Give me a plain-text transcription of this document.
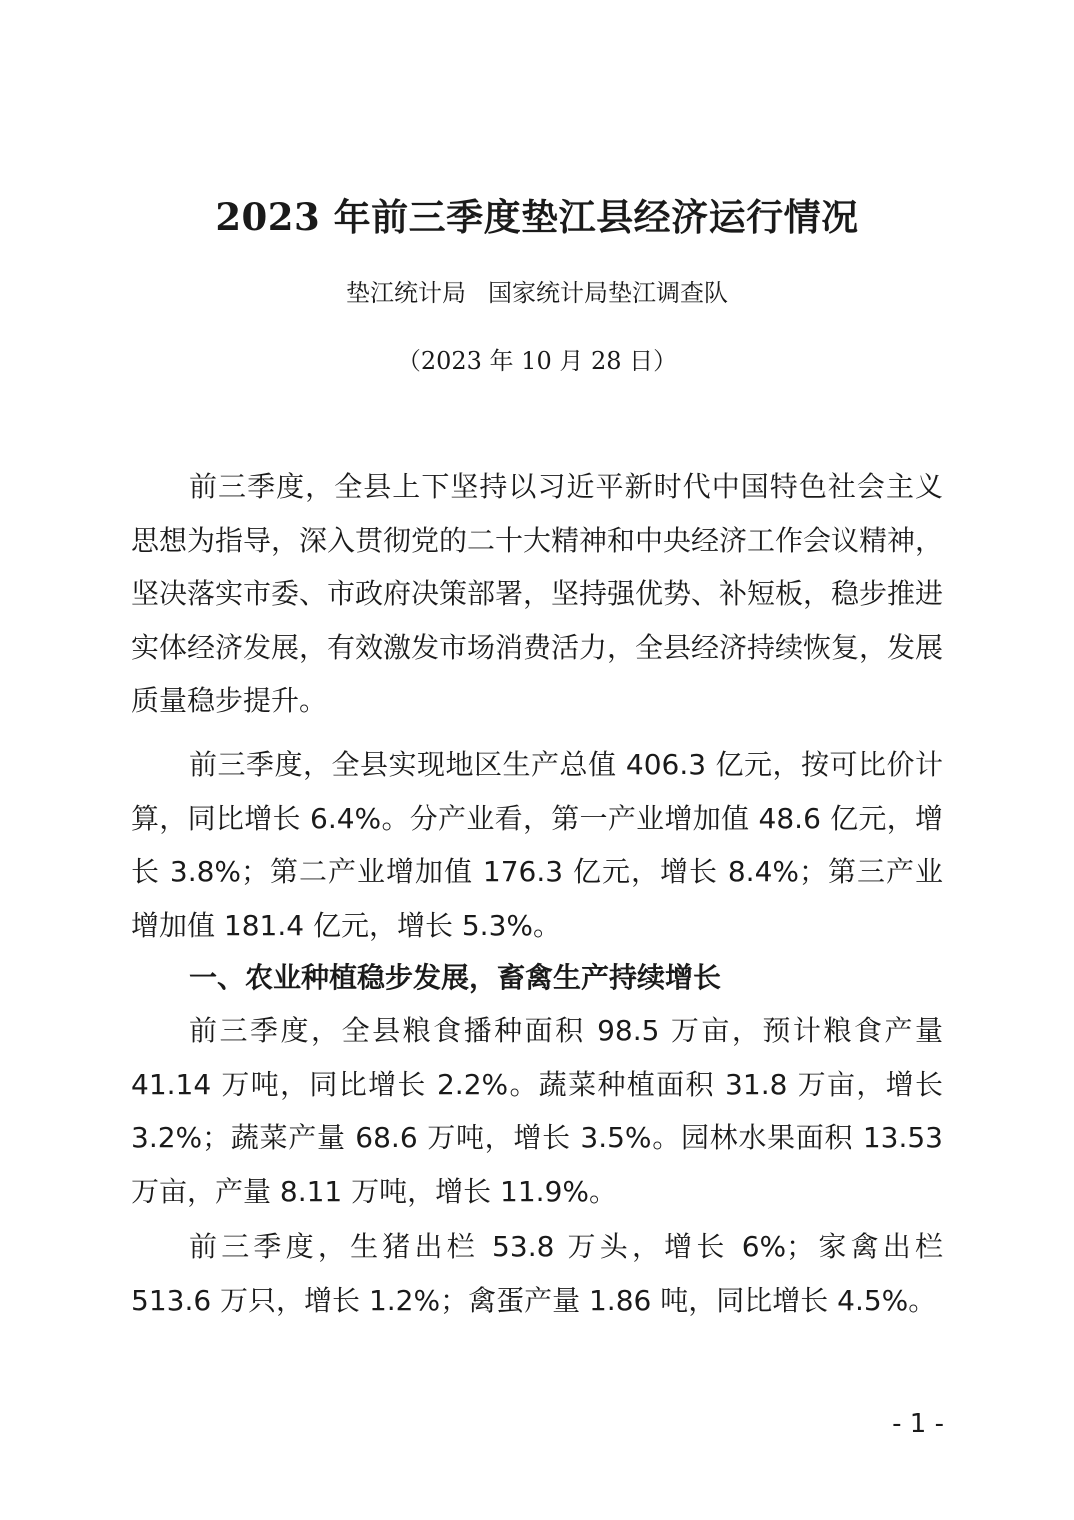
2023 年前三季度垫江县经济运行情况
垫江统计局 国家统计局垫江调查队
（2023 年 10 月 28 日）

前三季度，全县上下坚持以习近平新时代中国特色社会主义思想为指导，深入贯彻党的二十大精神和中央经济工作会议精神，坚决落实市委、市政府决策部署，坚持强优势、补短板，稳步推进实体经济发展，有效激发市场消费活力，全县经济持续恢复，发展质量稳步提升。

前三季度，全县实现地区生产总值 406.3 亿元，按可比价计算，同比增长 6.4%。分产业看，第一产业增加值 48.6 亿元，增长 3.8%；第二产业增加值 176.3 亿元，增长 8.4%；第三产业增加值 181.4 亿元，增长 5.3%。

一、农业种植稳步发展，畜禽生产持续增长

前三季度，全县粮食播种面积 98.5 万亩，预计粮食产量 41.14 万吨，同比增长 2.2%。蔬菜种植面积 31.8 万亩，增长 3.2%；蔬菜产量 68.6 万吨，增长 3.5%。园林水果面积 13.53 万亩，产量 8.11 万吨，增长 11.9%。

前三季度，生猪出栏 53.8 万头，增长 6%；家禽出栏 513.6 万只，增长 1.2%；禽蛋产量 1.86 吨，同比增长 4.5%。

- 1 -
